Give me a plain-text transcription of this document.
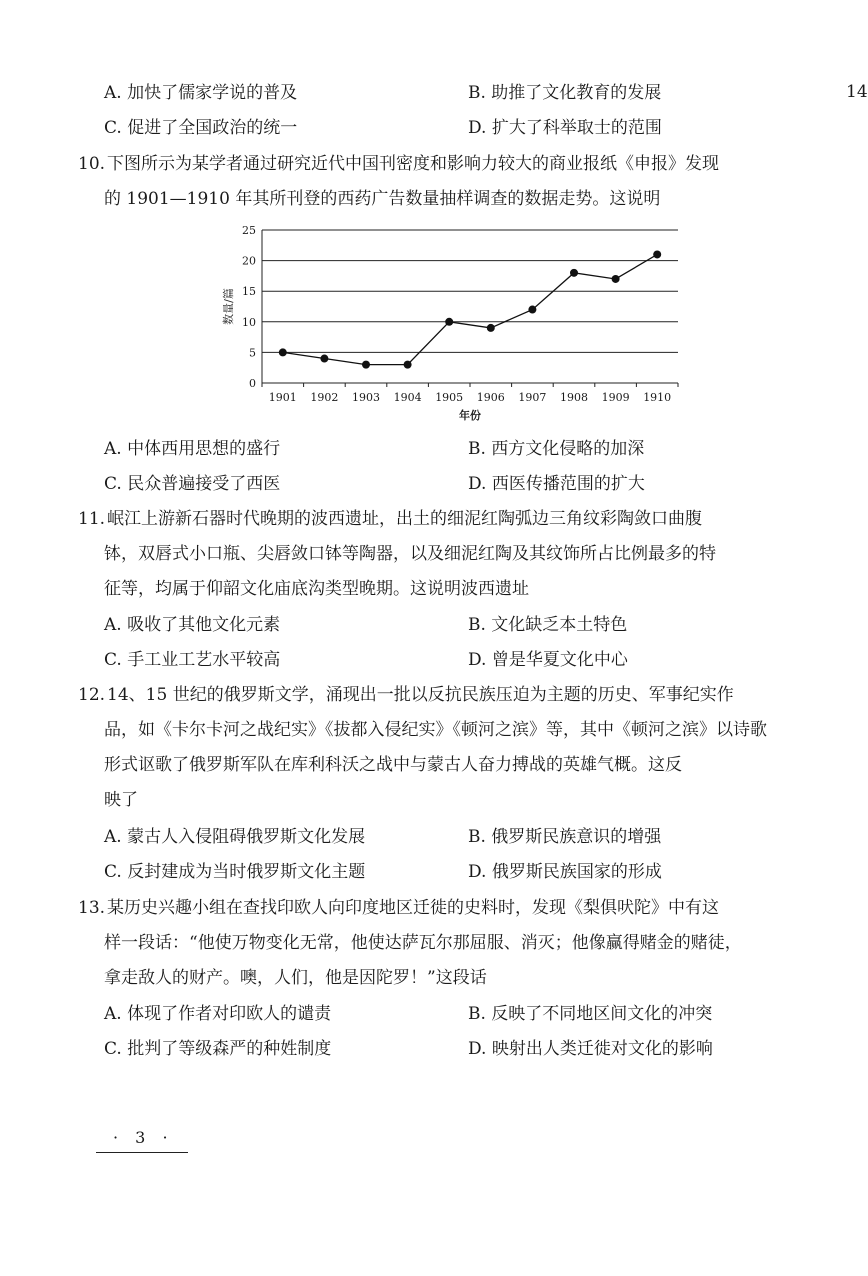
14
A. 加快了儒家学说的普及	B. 助推了文化教育的发展
C. 促进了全国政治的统一	D. 扩大了科举取士的范围
10. 下图所示为某学者通过研究近代中国刊密度和影响力较大的商业报纸《申报》发现
的 1901—1910 年其所刊登的西药广告数量抽样调查的数据走势。这说明
0
5
10
15
20
25
1901 1902 1903 1904 1905 1906 1907 1908 1909 1910
年份
数量/篇
A. 中体西用思想的盛行	B. 西方文化侵略的加深
C. 民众普遍接受了西医	D. 西医传播范围的扩大
11. 岷江上游新石器时代晚期的波西遗址，出土的细泥红陶弧边三角纹彩陶敛口曲腹
钵，双唇式小口瓶、尖唇敛口钵等陶器，以及细泥红陶及其纹饰所占比例最多的特
征等，均属于仰韶文化庙底沟类型晚期。这说明波西遗址
A. 吸收了其他文化元素	B. 文化缺乏本土特色
C. 手工业工艺水平较高	D. 曾是华夏文化中心
12. 14、15 世纪的俄罗斯文学，涌现出一批以反抗民族压迫为主题的历史、军事纪实作
品，如《卡尔卡河之战纪实》《拔都入侵纪实》《顿河之滨》等，其中《顿河之滨》以诗歌
形式讴歌了俄罗斯军队在库利科沃之战中与蒙古人奋力搏战的英雄气概。这反
映了
A. 蒙古人入侵阻碍俄罗斯文化发展	B. 俄罗斯民族意识的增强
C. 反封建成为当时俄罗斯文化主题	D. 俄罗斯民族国家的形成
13. 某历史兴趣小组在查找印欧人向印度地区迁徙的史料时，发现《梨俱吠陀》中有这
样一段话：“他使万物变化无常，他使达萨瓦尔那屈服、消灭；他像赢得赌金的赌徒，
拿走敌人的财产。噢，人们，他是因陀罗！”这段话
A. 体现了作者对印欧人的谴责	B. 反映了不同地区间文化的冲突
C. 批判了等级森严的种姓制度	D. 映射出人类迁徙对文化的影响
· 3 ·
